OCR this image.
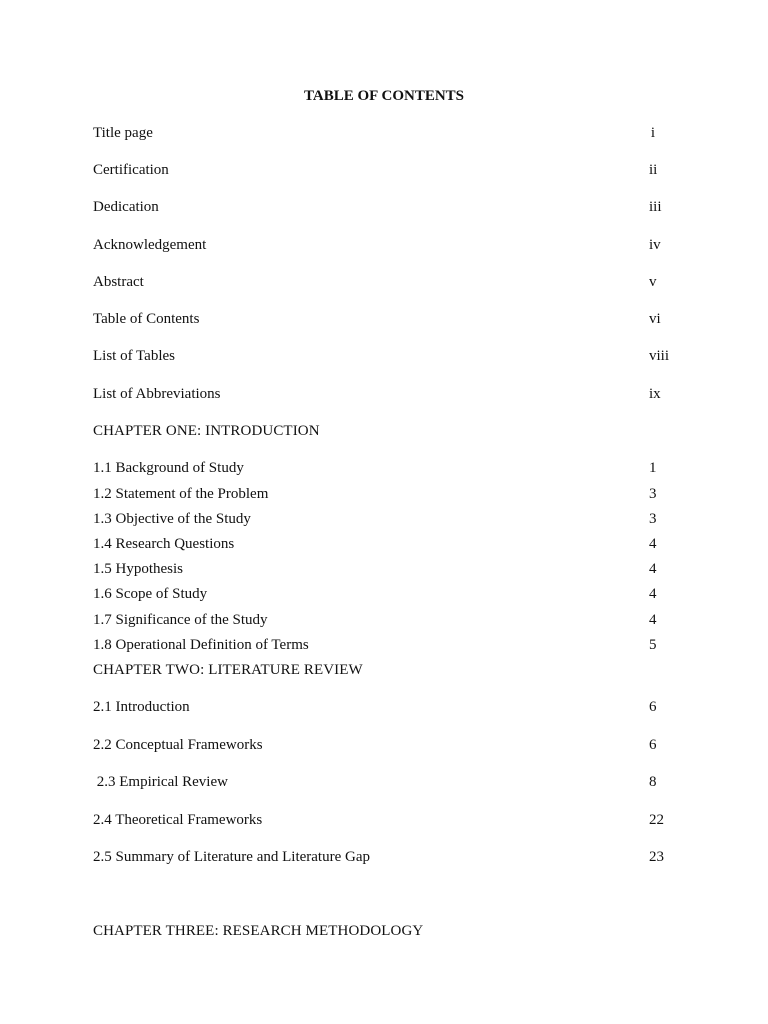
TABLE OF CONTENTS
Title page	i
Certification	ii
Dedication	iii
Acknowledgement	iv
Abstract	v
Table of Contents	vi
List of Tables	viii
List of Abbreviations	ix
CHAPTER ONE: INTRODUCTION
1.1 Background of Study	1
1.2 Statement of the Problem	3
1.3 Objective of the Study	3
1.4 Research Questions	4
1.5 Hypothesis	4
1.6 Scope of Study	4
1.7 Significance of the Study	4
1.8 Operational Definition of Terms	5
CHAPTER TWO: LITERATURE REVIEW
2.1 Introduction	6
2.2 Conceptual Frameworks	6
2.3 Empirical Review	8
2.4 Theoretical Frameworks	22
2.5 Summary of Literature and Literature Gap	23
CHAPTER THREE: RESEARCH METHODOLOGY
